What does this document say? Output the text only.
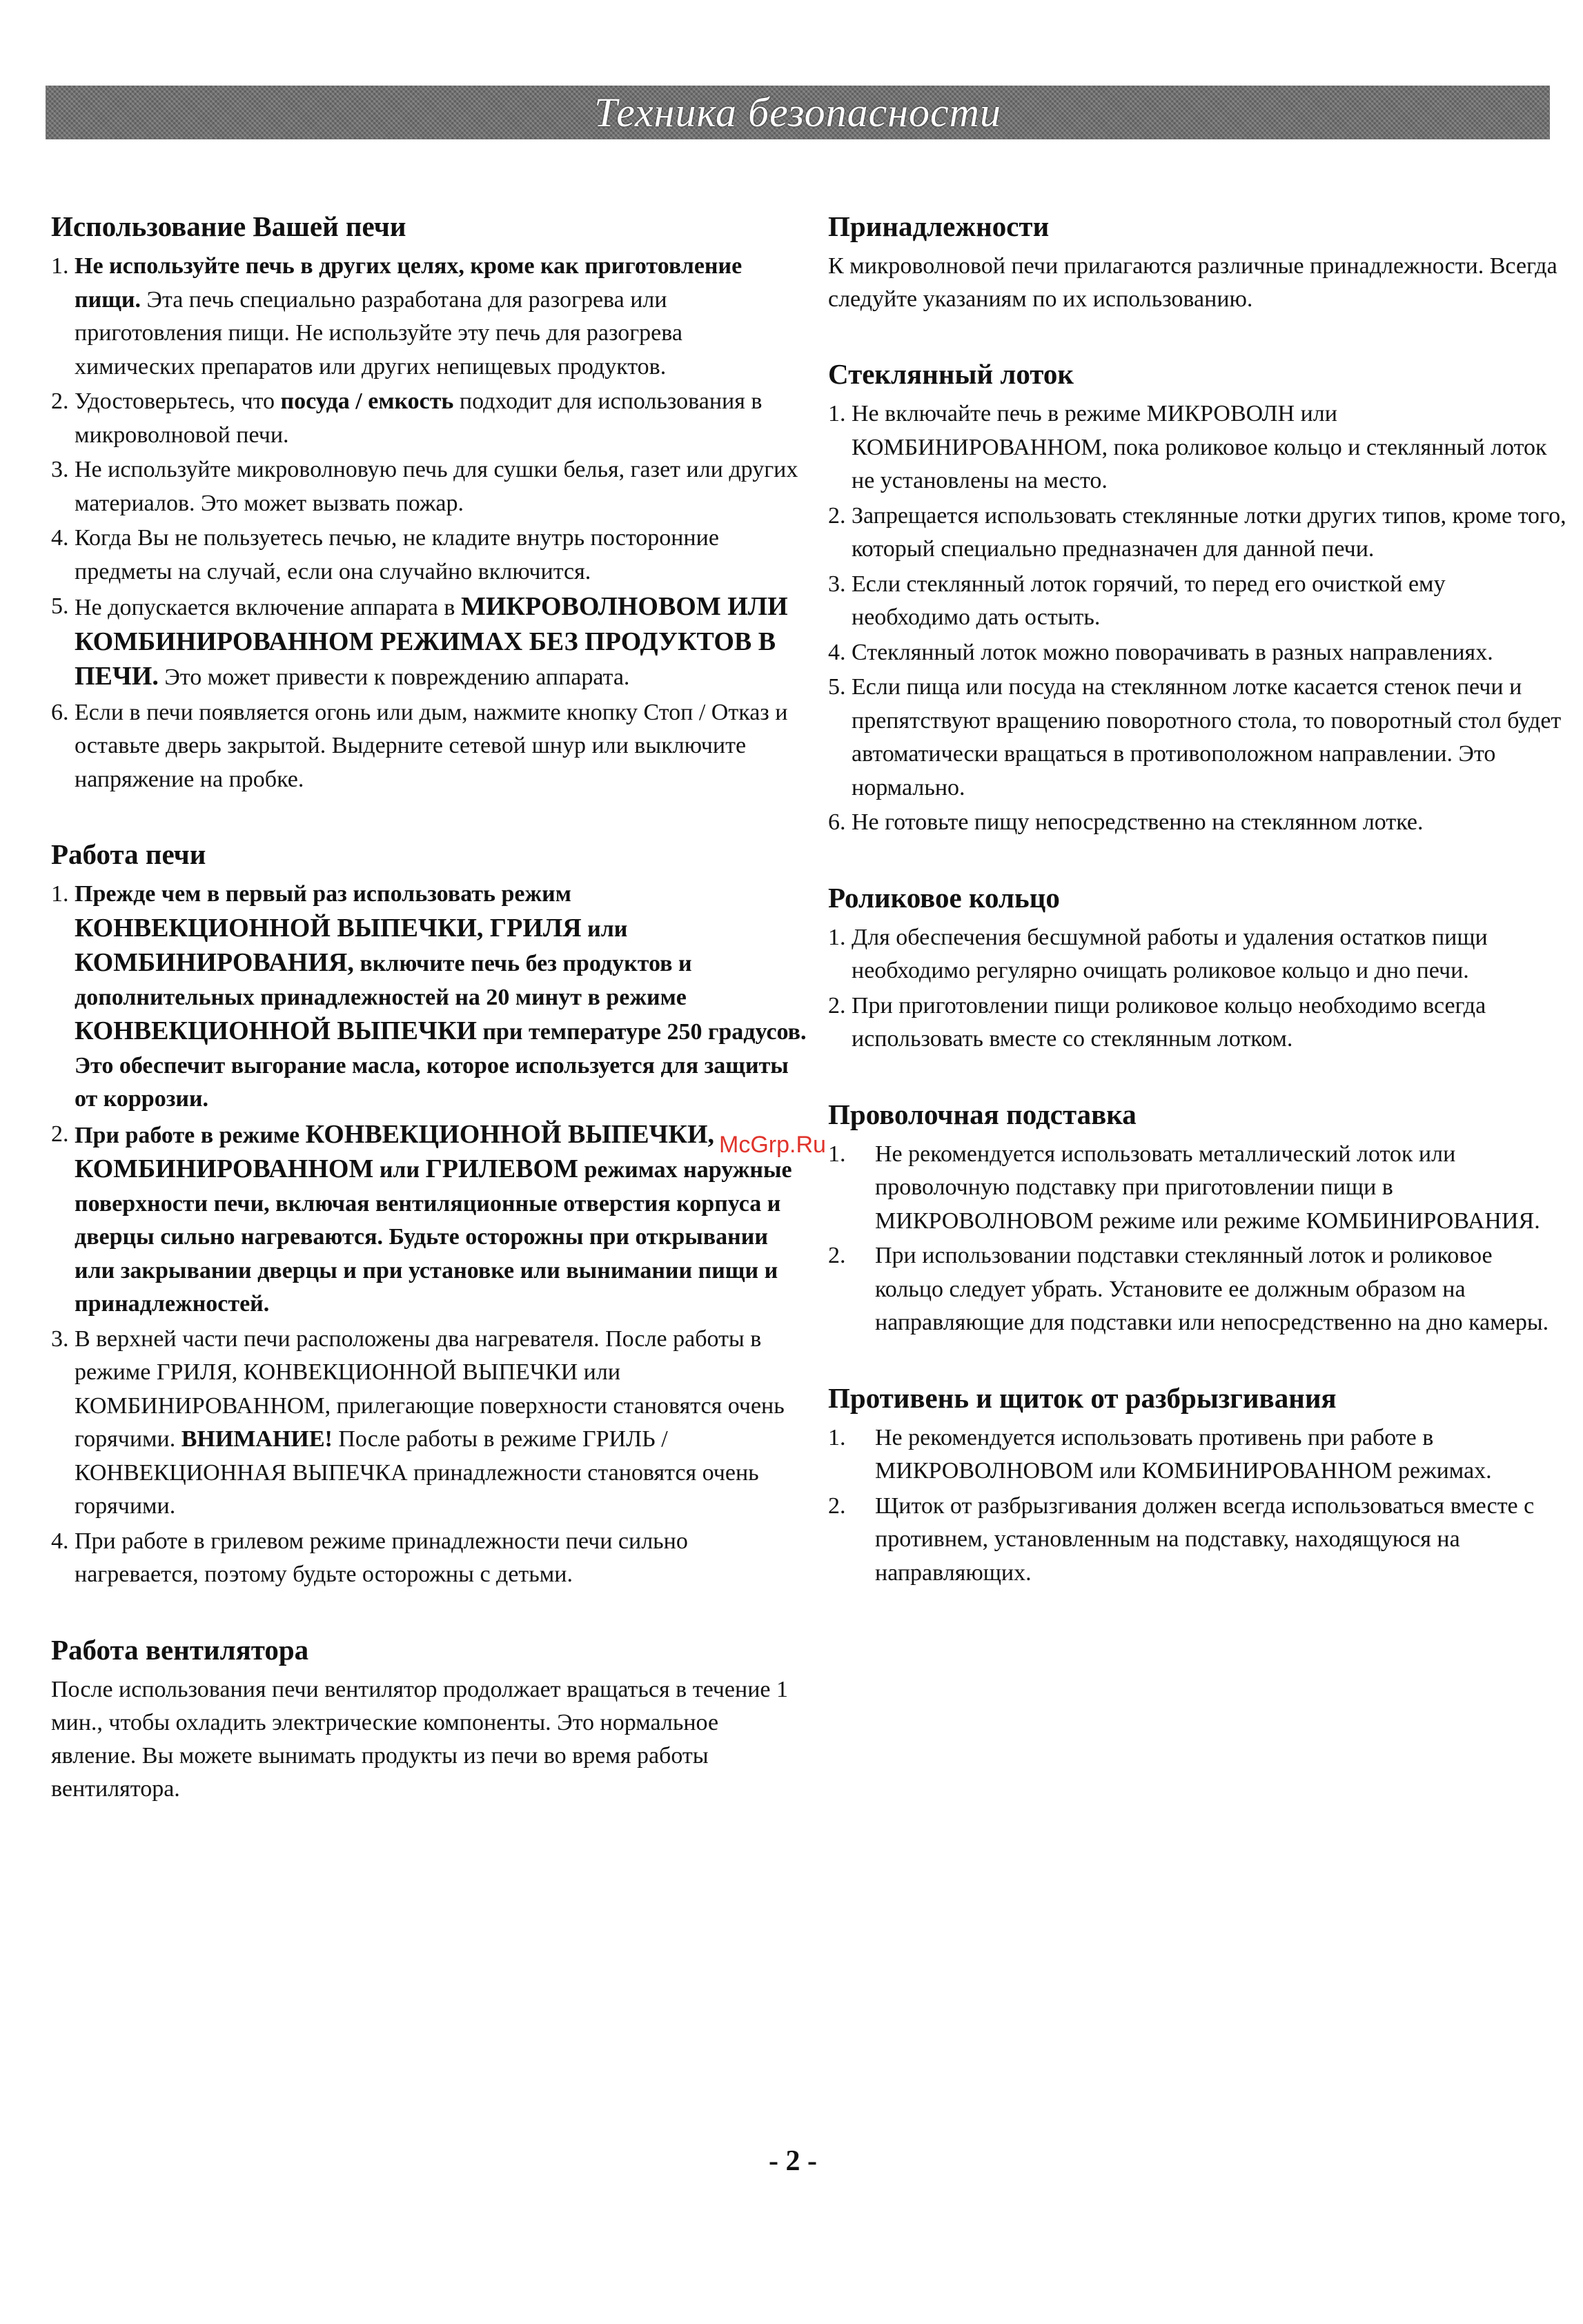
Техника безопасности
Использование Вашей печи
1. Не используйте печь в других целях, кроме как приготовление пищи. Эта печь специально разработана для разогрева или приготовления пищи. Не используйте эту печь для разогрева химических препаратов или других непищевых продуктов.
2. Удостоверьтесь, что посуда / емкость подходит для использования в микроволновой печи.
3. Не используйте микроволновую печь для сушки белья, газет или других материалов. Это может вызвать пожар.
4. Когда Вы не пользуетесь печью, не кладите внутрь посторонние предметы на случай, если она случайно включится.
5. Не допускается включение аппарата в МИКРОВОЛНОВОМ ИЛИ КОМБИНИРОВАННОМ РЕЖИМАХ БЕЗ ПРОДУКТОВ В ПЕЧИ. Это может привести к повреждению аппарата.
6. Если в печи появляется огонь или дым, нажмите кнопку Стоп / Отказ и оставьте дверь закрытой. Выдерните сетевой шнур или выключите напряжение на пробке.
Работа печи
1. Прежде чем в первый раз использовать режим КОНВЕКЦИОННОЙ ВЫПЕЧКИ, ГРИЛЯ или КОМБИНИРОВАНИЯ, включите печь без продуктов и дополнительных принадлежностей на 20 минут в режиме КОНВЕКЦИОННОЙ ВЫПЕЧКИ при температуре 250 градусов. Это обеспечит выгорание масла, которое используется для защиты от коррозии.
2. При работе в режиме КОНВЕКЦИОННОЙ ВЫПЕЧКИ, КОМБИНИРОВАННОМ или ГРИЛЕВОМ режимах наружные поверхности печи, включая вентиляционные отверстия корпуса и дверцы сильно нагреваются. Будьте осторожны при открывании или закрывании дверцы и при установке или вынимании пищи и принадлежностей.
3. В верхней части печи расположены два нагревателя. После работы в режиме ГРИЛЯ, КОНВЕКЦИОННОЙ ВЫПЕЧКИ или КОМБИНИРОВАННОМ, прилегающие поверхности становятся очень горячими. ВНИМАНИЕ! После работы в режиме ГРИЛЬ / КОНВЕКЦИОННАЯ ВЫПЕЧКА принадлежности становятся очень горячими.
4. При работе в грилевом режиме принадлежности печи сильно нагревается, поэтому будьте осторожны с детьми.
Работа вентилятора

После использования печи вентилятор продолжает вращаться в течение 1 мин., чтобы охладить электрические компоненты. Это нормальное явление. Вы можете вынимать продукты из печи во время работы вентилятора.

Принадлежности

К микроволновой печи прилагаются различные принадлежности. Всегда следуйте указаниям по их использованию.

Стеклянный лоток
1. Не включайте печь в режиме МИКРОВОЛН или КОМБИНИРОВАННОМ, пока роликовое кольцо и стеклянный лоток не установлены на место.
2. Запрещается использовать стеклянные лотки других типов, кроме того, который специально предназначен для данной печи.
3. Если стеклянный лоток горячий, то перед его очисткой ему необходимо дать остыть.
4. Стеклянный лоток можно поворачивать в разных направлениях.
5. Если пища или посуда на стеклянном лотке касается стенок печи и препятствуют вращению поворотного стола, то поворотный стол будет автоматически вращаться в противоположном направлении. Это нормально.
6. Не готовьте пищу непосредственно на стеклянном лотке.
Роликовое кольцо
1. Для обеспечения бесшумной работы и удаления остатков пищи необходимо регулярно очищать роликовое кольцо и дно печи.
2. При приготовлении пищи роликовое кольцо необходимо всегда использовать вместе со стеклянным лотком.
Проволочная подставка
1. Не рекомендуется использовать металлический лоток или проволочную подставку при приготовлении пищи в МИКРОВОЛНОВОМ режиме или режиме КОМБИНИРОВАНИЯ.
2. При использовании подставки стеклянный лоток и роликовое кольцо следует убрать. Установите ее должным образом на направляющие для подставки или непосредственно на дно камеры.
Противень и щиток от разбрызгивания
1. Не рекомендуется использовать противень при работе в МИКРОВОЛНОВОМ или КОМБИНИРОВАННОМ режимах.
2. Щиток от разбрызгивания должен всегда использоваться вместе с противнем, установленным на подставку, находящуюся на направляющих.
McGrp.Ru
- 2 -
